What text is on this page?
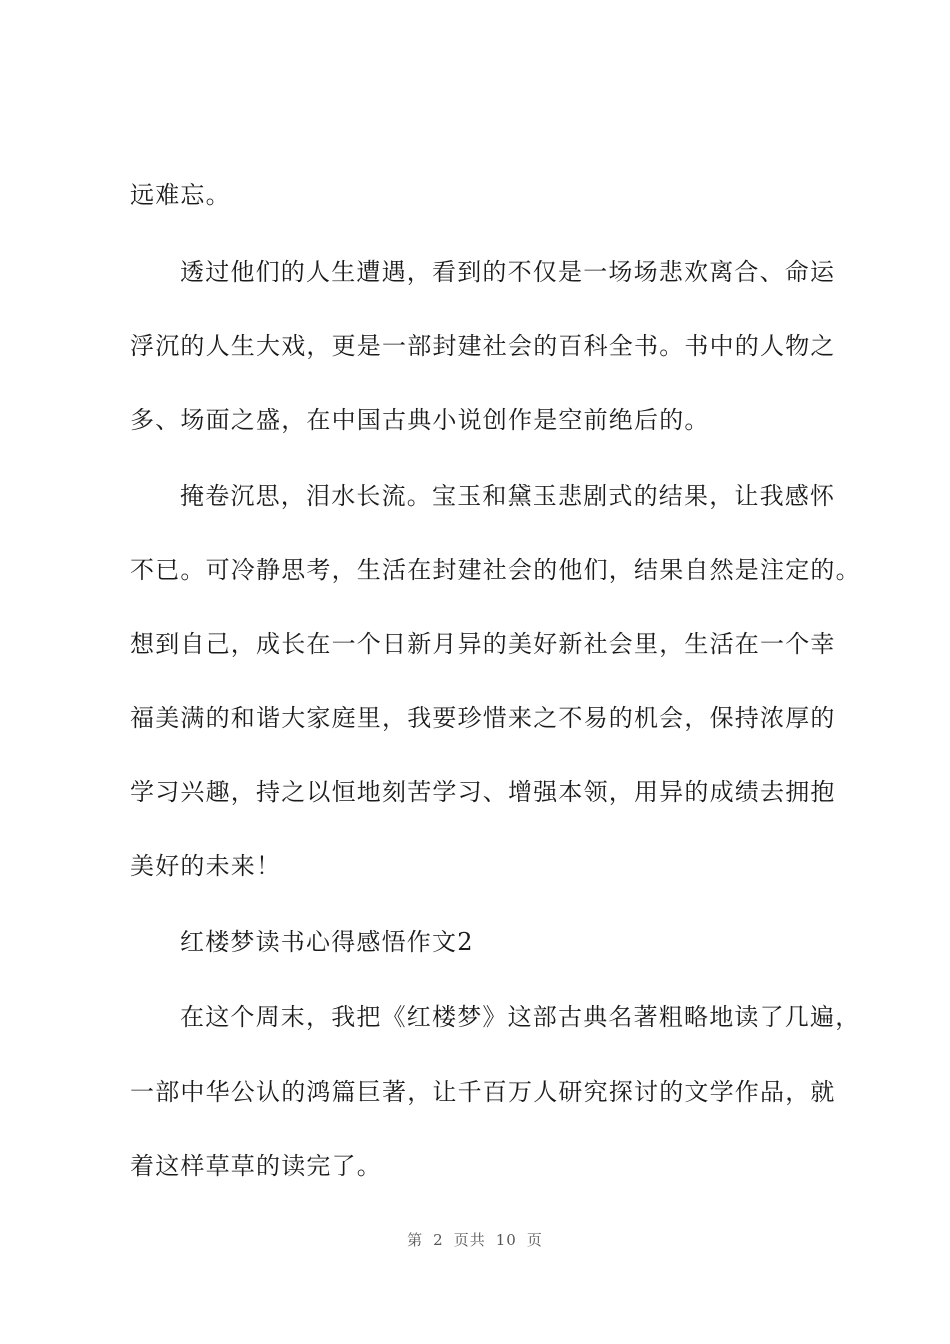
远难忘。
透过他们的人生遭遇，看到的不仅是一场场悲欢离合、命运
浮沉的人生大戏，更是一部封建社会的百科全书。书中的人物之
多、场面之盛，在中国古典小说创作是空前绝后的。
掩卷沉思，泪水长流。宝玉和黛玉悲剧式的结果，让我感怀
不已。可冷静思考，生活在封建社会的他们，结果自然是注定的。
想到自己，成长在一个日新月异的美好新社会里，生活在一个幸
福美满的和谐大家庭里，我要珍惜来之不易的机会，保持浓厚的
学习兴趣，持之以恒地刻苦学习、增强本领，用异的成绩去拥抱
美好的未来！
红楼梦读书心得感悟作文2
在这个周末，我把《红楼梦》这部古典名著粗略地读了几遍，
一部中华公认的鸿篇巨著，让千百万人研究探讨的文学作品，就
着这样草草的读完了。
第 2 页共 10 页
